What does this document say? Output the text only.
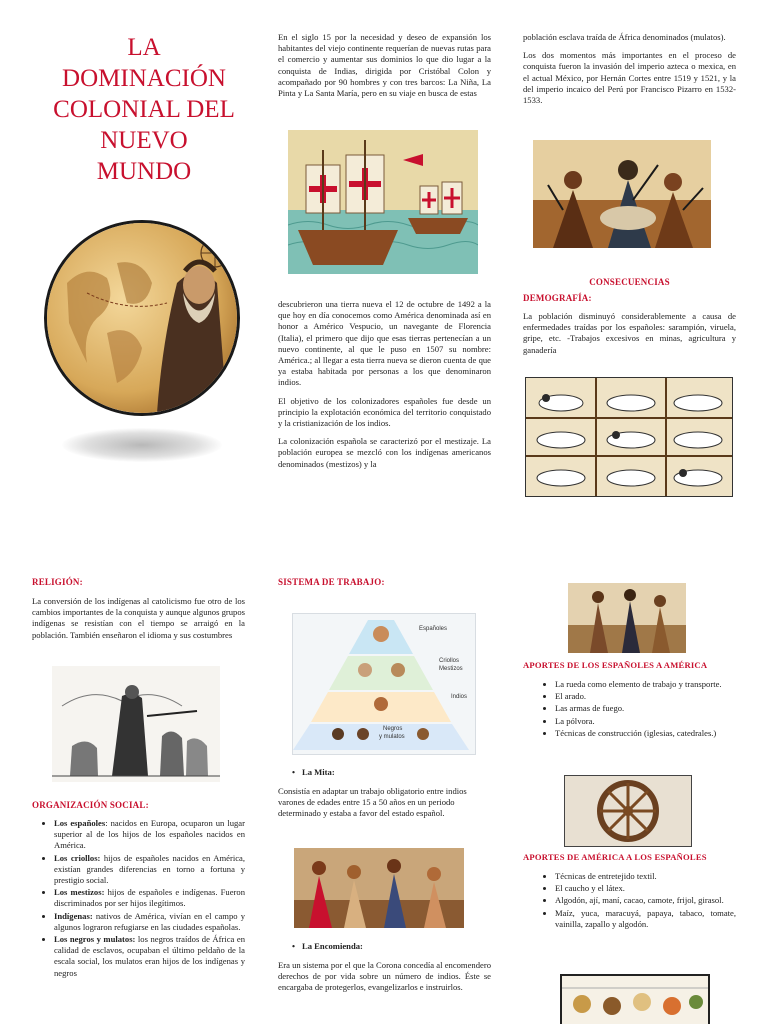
LA
DOMINACIÓN
COLONIAL DEL
NUEVO
MUNDO

En el siglo 15 por la necesidad y deseo de expansión los habitantes del viejo continente requerían de nuevas rutas para el comercio y aumentar sus dominios lo que dio lugar a la conquista de Indias, dirigida por Cristóbal Colon y acompañado por 90 hombres y con tres barcos: La Niña, La Pinta y La Santa María, pero en su viaje en busca de estas

descubrieron una tierra nueva el 12 de octubre de 1492 a la que hoy en día conocemos como América denominada así en honor a Américo Vespucio, un navegante de Florencia (Italia), el primero que dijo que esas tierras pertenecían a un nuevo continente, al que le puso en 1507 su nombre: América.; al llegar a esta tierra nueva se dieron cuenta de que ya estaba habitada por personas a los que denominaron indios.

El objetivo de los colonizadores españoles fue desde un principio la explotación económica del territorio conquistado y la cristianización de los indios.

La colonización española se caracterizó por el mestizaje. La población europea se mezcló con los indígenas americanos denominados (mestizos) y la

población esclava traída de África denominados (mulatos).

Los dos momentos más importantes en el proceso de conquista fueron la invasión del imperio azteca o mexica, en el actual México, por Hernán Cortes entre 1519 y 1521, y la del imperio incaico del Perú por Francisco Pizarro en 1532-1533.

CONSECUENCIAS
DEMOGRAFÍA:

La población disminuyó considerablemente a causa de enfermedades traídas por los españoles: sarampión, viruela, gripe, etc. -Trabajos excesivos en minas, agricultura y ganadería

RELIGIÓN:

La conversión de los indígenas al catolicismo fue otro de los cambios importantes de la conquista y aunque algunos grupos indígenas se resistían con el tiempo se arraigó en la población. También enseñaron el idioma y sus costumbres

ORGANIZACIÓN SOCIAL:
• Los españoles: nacidos en Europa, ocuparon un lugar superior al de los hijos de los españoles nacidos en América.
• Los criollos: hijos de españoles nacidos en América, existían grandes diferencias en torno a fortuna y prestigio social.
• Los mestizos: hijos de españoles e indígenas. Fueron discriminados por ser hijos ilegítimos.
• Indígenas: nativos de América, vivían en el campo y algunos lograron refugiarse en las ciudades españolas.
• Los negros y mulatos: los negros traídos de África en calidad de esclavos, ocupaban el último peldaño de la escala social, los mulatos eran hijos de los indígenas y negros
SISTEMA DE TRABAJO:
Españoles
Criollos
Mestizos
Indios
Negros
y mulatos
• La Mita:

Consistía en adaptar un trabajo obligatorio entre indios varones de edades entre 15 a 50 años en un periodo determinado y estaba a favor del estado español.

• La Encomienda:

Era un sistema por el que la Corona concedía al encomendero derechos de por vida sobre un número de indios. Éste se encargaba de protegerlos, evangelizarlos e instruirlos.

APORTES DE LOS ESPAÑOLES A AMÉRICA
• La rueda como elemento de trabajo y transporte.
• El arado.
• Las armas de fuego.
• La pólvora.
• Técnicas de construcción (iglesias, catedrales.)
APORTES DE AMÉRICA A LOS ESPAÑOLES
• Técnicas de entretejido textil.
• El caucho y el látex.
• Algodón, ají, maní, cacao, camote, frijol, girasol.
• Maíz, yuca, maracuyá, papaya, tabaco, tomate, vainilla, zapallo y algodón.
